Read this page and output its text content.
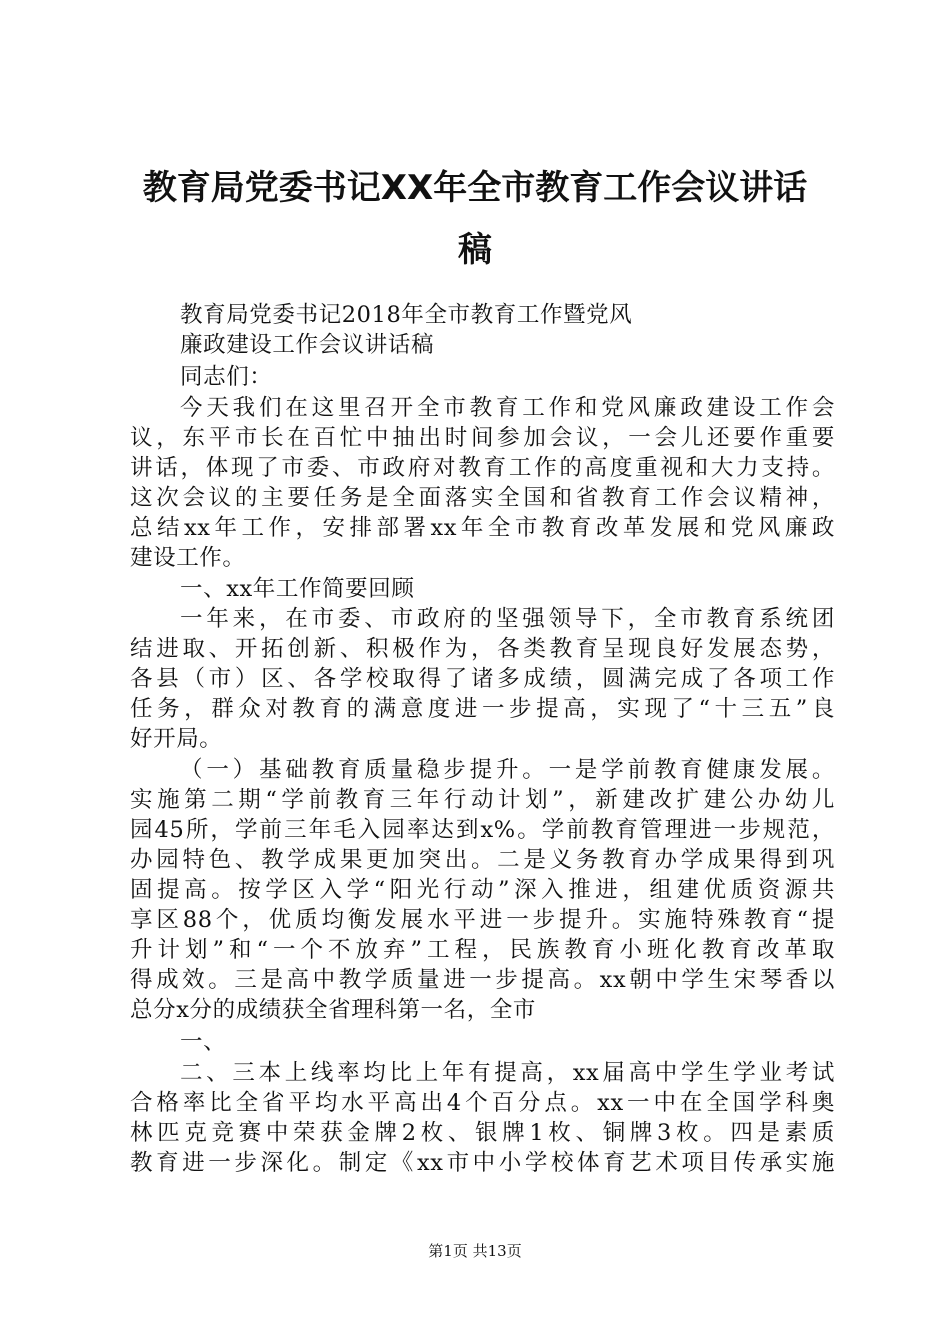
教育局党委书记XX年全市教育工作会议讲话
稿
教育局党委书记2018年全市教育工作暨党风
廉政建设工作会议讲话稿
同志们：
今天我们在这里召开全市教育工作和党风廉政建设工作会
议，东平市长在百忙中抽出时间参加会议，一会儿还要作重要
讲话，体现了市委、市政府对教育工作的高度重视和大力支持。
这次会议的主要任务是全面落实全国和省教育工作会议精神，
总结xx年工作，安排部署xx年全市教育改革发展和党风廉政
建设工作。
一、xx年工作简要回顾
一年来，在市委、市政府的坚强领导下，全市教育系统团
结进取、开拓创新、积极作为，各类教育呈现良好发展态势，
各县（市）区、各学校取得了诸多成绩，圆满完成了各项工作
任务，群众对教育的满意度进一步提高，实现了“十三五”良
好开局。
（一）基础教育质量稳步提升。一是学前教育健康发展。
实施第二期“学前教育三年行动计划”，新建改扩建公办幼儿
园45所，学前三年毛入园率达到x%。学前教育管理进一步规范，
办园特色、教学成果更加突出。二是义务教育办学成果得到巩
固提高。按学区入学“阳光行动”深入推进，组建优质资源共
享区88个，优质均衡发展水平进一步提升。实施特殊教育“提
升计划”和“一个不放弃”工程，民族教育小班化教育改革取
得成效。三是高中教学质量进一步提高。xx朝中学生宋琴香以
总分x分的成绩获全省理科第一名，全市
一、
二、三本上线率均比上年有提高，xx届高中学生学业考试
合格率比全省平均水平高出4个百分点。xx一中在全国学科奥
林匹克竞赛中荣获金牌2枚、银牌1枚、铜牌3枚。四是素质
教育进一步深化。制定《xx市中小学校体育艺术项目传承实施
第1页 共13页
